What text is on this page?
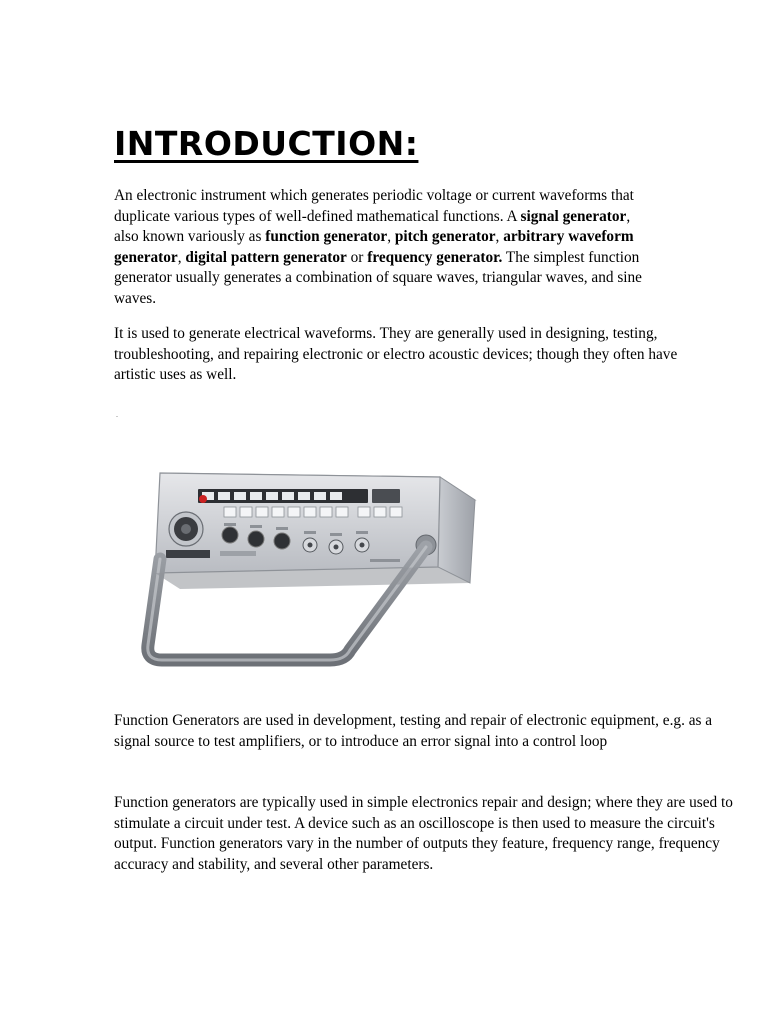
INTRODUCTION:

An electronic instrument which generates periodic voltage or current waveforms that duplicate various types of well-defined mathematical functions. A signal generator, also known variously as function generator, pitch generator, arbitrary waveform generator, digital pattern generator or frequency generator. The simplest function generator usually generates a combination of square waves, triangular waves, and sine waves.

It is used to generate electrical waveforms. They are generally used in designing, testing, troubleshooting, and repairing electronic or electro acoustic devices; though they often have artistic uses as well.

.

Function Generators are used in development, testing and repair of electronic equipment, e.g. as a signal source to test amplifiers, or to introduce an error signal into a control loop

Function generators are typically used in simple electronics repair and design; where they are used to stimulate a circuit under test. A device such as an oscilloscope is then used to measure the circuit's output. Function generators vary in the number of outputs they feature, frequency range, frequency accuracy and stability, and several other parameters.
